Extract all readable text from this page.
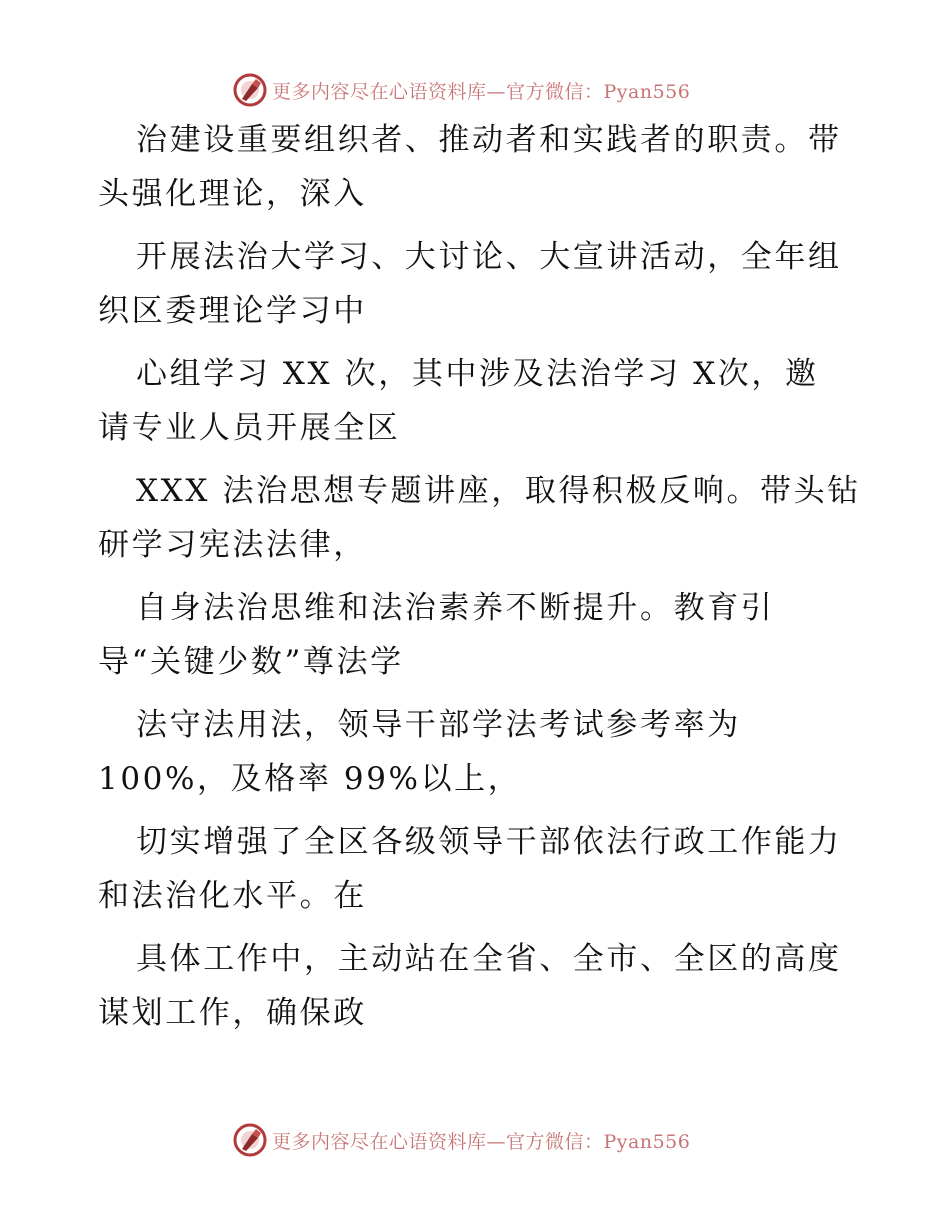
更多内容尽在心语资料库—官方微信：Pyan556
治建设重要组织者、推动者和实践者的职责。带
头强化理论，深入
开展法治大学习、大讨论、大宣讲活动，全年组
织区委理论学习中
心组学习 XX 次，其中涉及法治学习 X次，邀
请专业人员开展全区
XXX 法治思想专题讲座，取得积极反响。带头钻
研学习宪法法律，
自身法治思维和法治素养不断提升。教育引
导“关键少数”尊法学
法守法用法，领导干部学法考试参考率为
100%，及格率 99%以上，
切实增强了全区各级领导干部依法行政工作能力
和法治化水平。在
具体工作中，主动站在全省、全市、全区的高度
谋划工作，确保政
更多内容尽在心语资料库—官方微信：Pyan556
